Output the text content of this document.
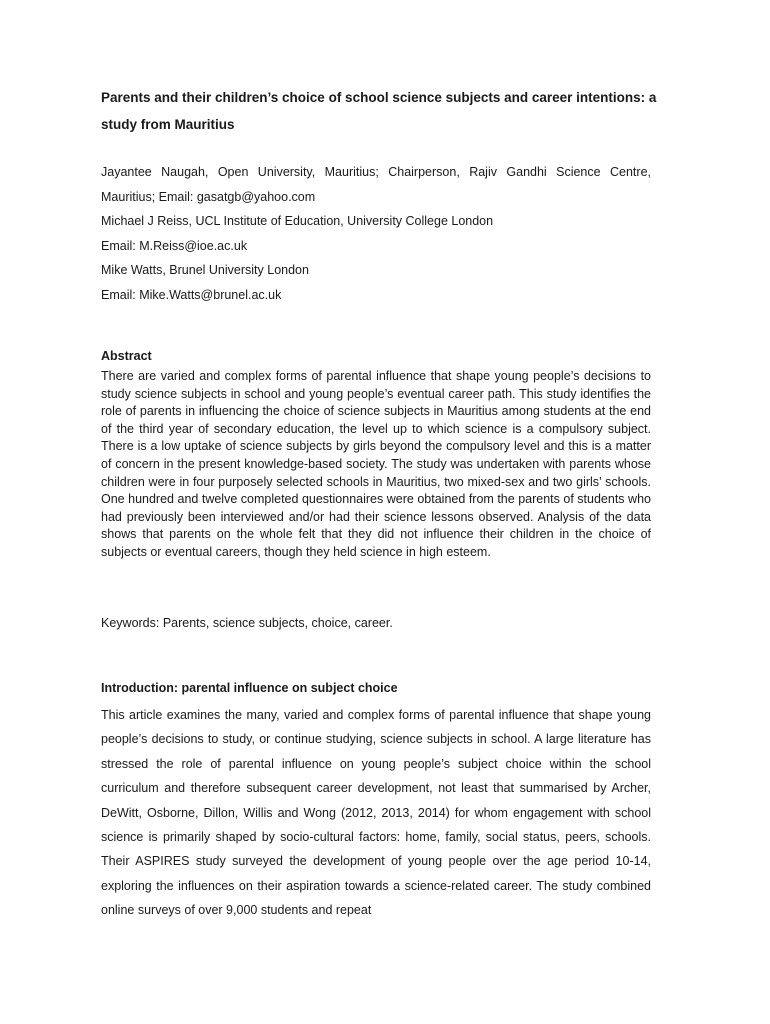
Parents and their children’s choice of school science subjects and career intentions: a study from Mauritius
Jayantee Naugah, Open University, Mauritius; Chairperson, Rajiv Gandhi Science Centre, Mauritius; Email: gasatgb@yahoo.com
Michael J Reiss, UCL Institute of Education, University College London
Email: M.Reiss@ioe.ac.uk
Mike Watts, Brunel University London
Email: Mike.Watts@brunel.ac.uk
Abstract

There are varied and complex forms of parental influence that shape young people’s decisions to study science subjects in school and young people’s eventual career path. This study identifies the role of parents in influencing the choice of science subjects in Mauritius among students at the end of the third year of secondary education, the level up to which science is a compulsory subject. There is a low uptake of science subjects by girls beyond the compulsory level and this is a matter of concern in the present knowledge-based society. The study was undertaken with parents whose children were in four purposely selected schools in Mauritius, two mixed-sex and two girls’ schools. One hundred and twelve completed questionnaires were obtained from the parents of students who had previously been interviewed and/or had their science lessons observed. Analysis of the data shows that parents on the whole felt that they did not influence their children in the choice of subjects or eventual careers, though they held science in high esteem.

Keywords: Parents, science subjects, choice, career.

Introduction: parental influence on subject choice

This article examines the many, varied and complex forms of parental influence that shape young people’s decisions to study, or continue studying, science subjects in school. A large literature has stressed the role of parental influence on young people’s subject choice within the school curriculum and therefore subsequent career development, not least that summarised by Archer, DeWitt, Osborne, Dillon, Willis and Wong (2012, 2013, 2014) for whom engagement with school science is primarily shaped by socio-cultural factors: home, family, social status, peers, schools. Their ASPIRES study surveyed the development of young people over the age period 10-14, exploring the influences on their aspiration towards a science-related career. The study combined online surveys of over 9,000 students and repeat
